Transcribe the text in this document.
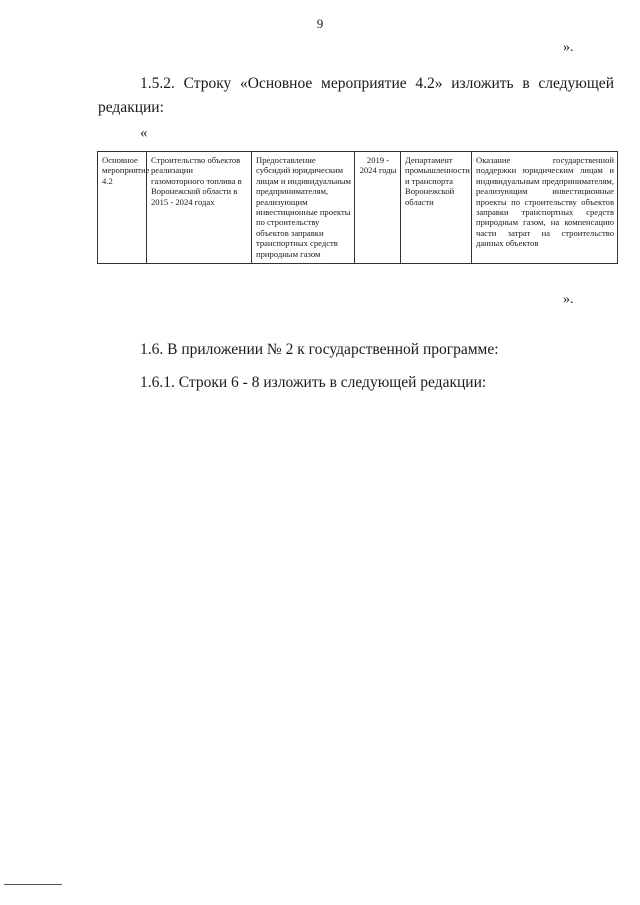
9
».
1.5.2. Строку «Основное мероприятие 4.2» изложить в следующей редакции:
«
Основное мероприятие 4.2	Строительство объектов реализации газомоторного топлива в Воронежской области в 2015 - 2024 годах	Предоставление субсидий юридическим лицам и индивидуальным предпринимателям, реализующим инвестиционные проекты по строительству объектов заправки транспортных средств природным газом	2019 - 2024 годы	Департамент промышленности и транспорта Воронежской области	Оказание государственной поддержки юридическим лицам и индивидуальным предпринимателям, реализующим инвестиционные проекты по строительству объектов заправки транспортных средств природным газом, на компенсацию части затрат на строительство данных объектов
».
1.6. В приложении № 2 к государственной программе:
1.6.1. Строки 6 - 8 изложить в следующей редакции:
